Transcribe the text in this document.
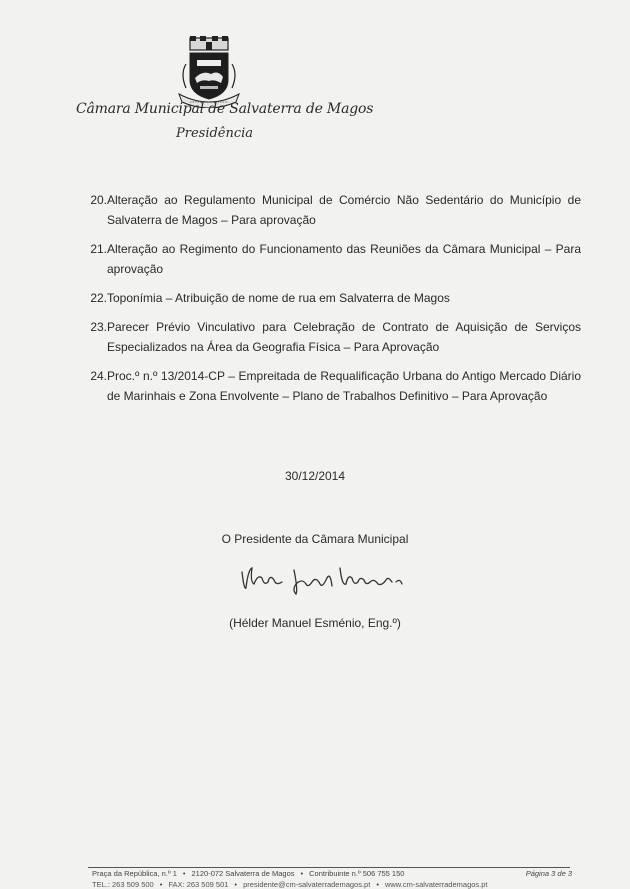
Câmara Municipal de Salvaterra de Magos
Presidência
20. Alteração ao Regulamento Municipal de Comércio Não Sedentário do Município de Salvaterra de Magos – Para aprovação
21. Alteração ao Regimento do Funcionamento das Reuniões da Câmara Municipal – Para aprovação
22. Toponímia – Atribuição de nome de rua em Salvaterra de Magos
23. Parecer Prévio Vinculativo para Celebração de Contrato de Aquisição de Serviços Especializados na Área da Geografia Física – Para Aprovação
24. Proc.º n.º 13/2014-CP – Empreitada de Requalificação Urbana do Antigo Mercado Diário de Marinhais e Zona Envolvente – Plano de Trabalhos Definitivo – Para Aprovação
30/12/2014
O Presidente da Câmara Municipal
(Hélder Manuel Esménio, Eng.º)
Praça da República, n.º 1 • 2120-072 Salvaterra de Magos • Contribuinte n.º 506 755 150	Página 3 de 3
TEL.: 263 509 500 • FAX: 263 509 501 • presidente@cm-salvaterrademagos.pt • www.cm-salvaterrademagos.pt
